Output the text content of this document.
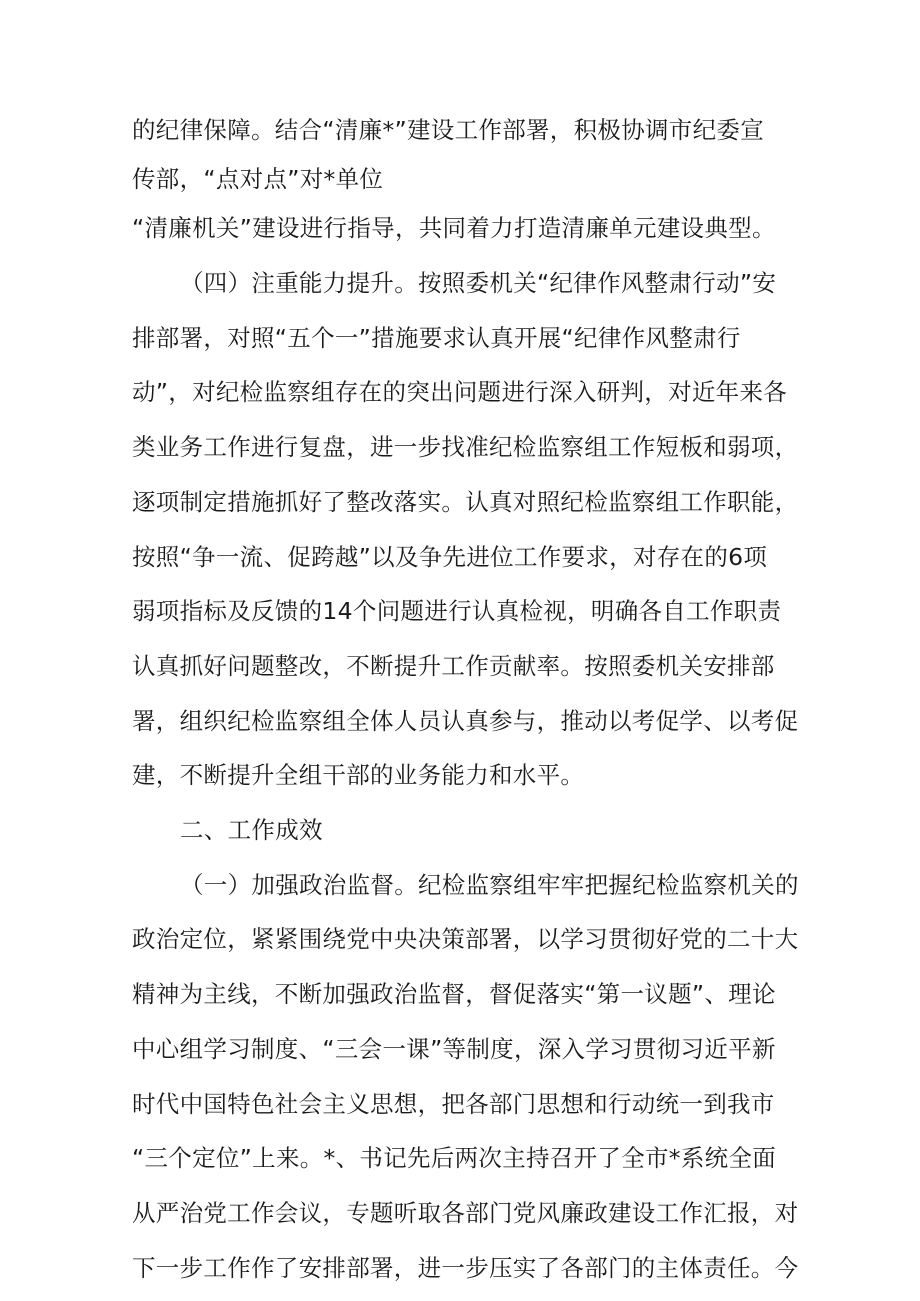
的纪律保障。结合“清廉*”建设工作部署，积极协调市纪委宣
传部，“点对点”对*单位
“清廉机关”建设进行指导，共同着力打造清廉单元建设典型。
（四）注重能力提升。按照委机关“纪律作风整肃行动”安
排部署，对照“五个一”措施要求认真开展“纪律作风整肃行
动”，对纪检监察组存在的突出问题进行深入研判，对近年来各
类业务工作进行复盘，进一步找准纪检监察组工作短板和弱项，
逐项制定措施抓好了整改落实。认真对照纪检监察组工作职能，
按照“争一流、促跨越”以及争先进位工作要求，对存在的6项
弱项指标及反馈的14个问题进行认真检视，明确各自工作职责
认真抓好问题整改，不断提升工作贡献率。按照委机关安排部
署，组织纪检监察组全体人员认真参与，推动以考促学、以考促
建，不断提升全组干部的业务能力和水平。
二、工作成效
（一）加强政治监督。纪检监察组牢牢把握纪检监察机关的
政治定位，紧紧围绕党中央决策部署，以学习贯彻好党的二十大
精神为主线，不断加强政治监督，督促落实“第一议题”、理论
中心组学习制度、“三会一课”等制度，深入学习贯彻习近平新
时代中国特色社会主义思想，把各部门思想和行动统一到我市
“三个定位”上来。*、书记先后两次主持召开了全市*系统全面
从严治党工作会议，专题听取各部门党风廉政建设工作汇报，对
下一步工作作了安排部署，进一步压实了各部门的主体责任。今
